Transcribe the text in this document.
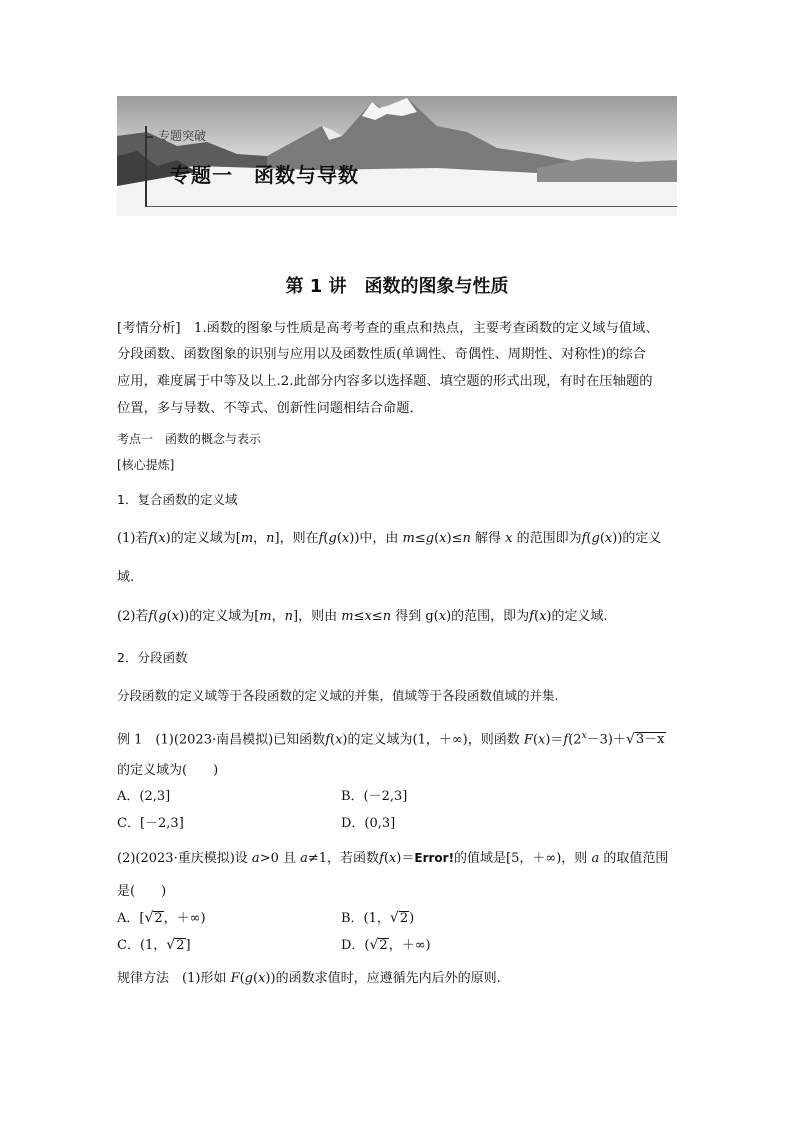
专题突破
专题一　函数与导数
第 1 讲　函数的图象与性质
[考情分析]　1.函数的图象与性质是高考考查的重点和热点，主要考查函数的定义域与值域、
分段函数、函数图象的识别与应用以及函数性质(单调性、奇偶性、周期性、对称性)的综合
应用，难度属于中等及以上.2.此部分内容多以选择题、填空题的形式出现，有时在压轴题的
位置，多与导数、不等式、创新性问题相结合命题．
考点一　函数的概念与表示
[核心提炼]
1．复合函数的定义域
(1)若f(x)的定义域为[m，n]，则在f(g(x))中，由 m≤g(x)≤n 解得 x 的范围即为f(g(x))的定义
域.
(2)若f(g(x))的定义域为[m，n]，则由 m≤x≤n 得到 g(x)的范围，即为f(x)的定义域.
2．分段函数
分段函数的定义域等于各段函数的定义域的并集，值域等于各段函数值域的并集.
例 1　(1)(2023·南昌模拟)已知函数f(x)的定义域为(1，＋∞)，则函数 $F(x)=f(2^x-3)+√3-x$
的定义域为(　　)
A．(2,3]	B．(－2,3]
C．[－2,3]	D．(0,3]
(2)(2023·重庆模拟)设 a>0 且 a≠1，若函数f(x)＝Error!的值域是[5，＋∞)，则 a 的取值范围
是(　　)
A．[√2，＋∞)	B．(1，√2)
C．(1，√2]	D．(√2，＋∞)
规律方法　(1)形如 F(g(x))的函数求值时，应遵循先内后外的原则.
